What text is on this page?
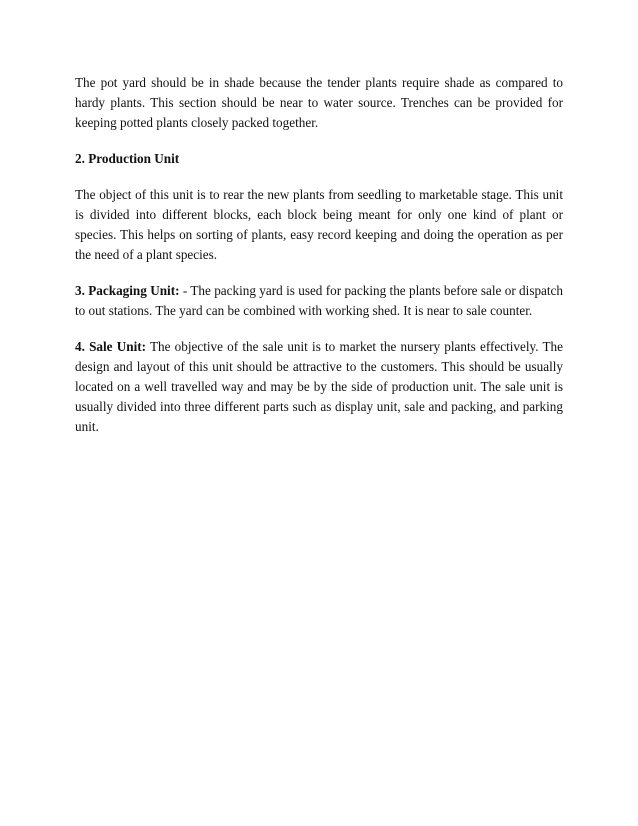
The pot yard should be in shade because the tender plants require shade as compared to hardy plants. This section should be near to water source. Trenches can be provided for keeping potted plants closely packed together.

2. Production Unit

The object of this unit is to rear the new plants from seedling to marketable stage. This unit is divided into different blocks, each block being meant for only one kind of plant or species. This helps on sorting of plants, easy record keeping and doing the operation as per the need of a plant species.

3. Packaging Unit: - The packing yard is used for packing the plants before sale or dispatch to out stations. The yard can be combined with working shed. It is near to sale counter.

4. Sale Unit: The objective of the sale unit is to market the nursery plants effectively. The design and layout of this unit should be attractive to the customers. This should be usually located on a well travelled way and may be by the side of production unit. The sale unit is usually divided into three different parts such as display unit, sale and packing, and parking unit.
